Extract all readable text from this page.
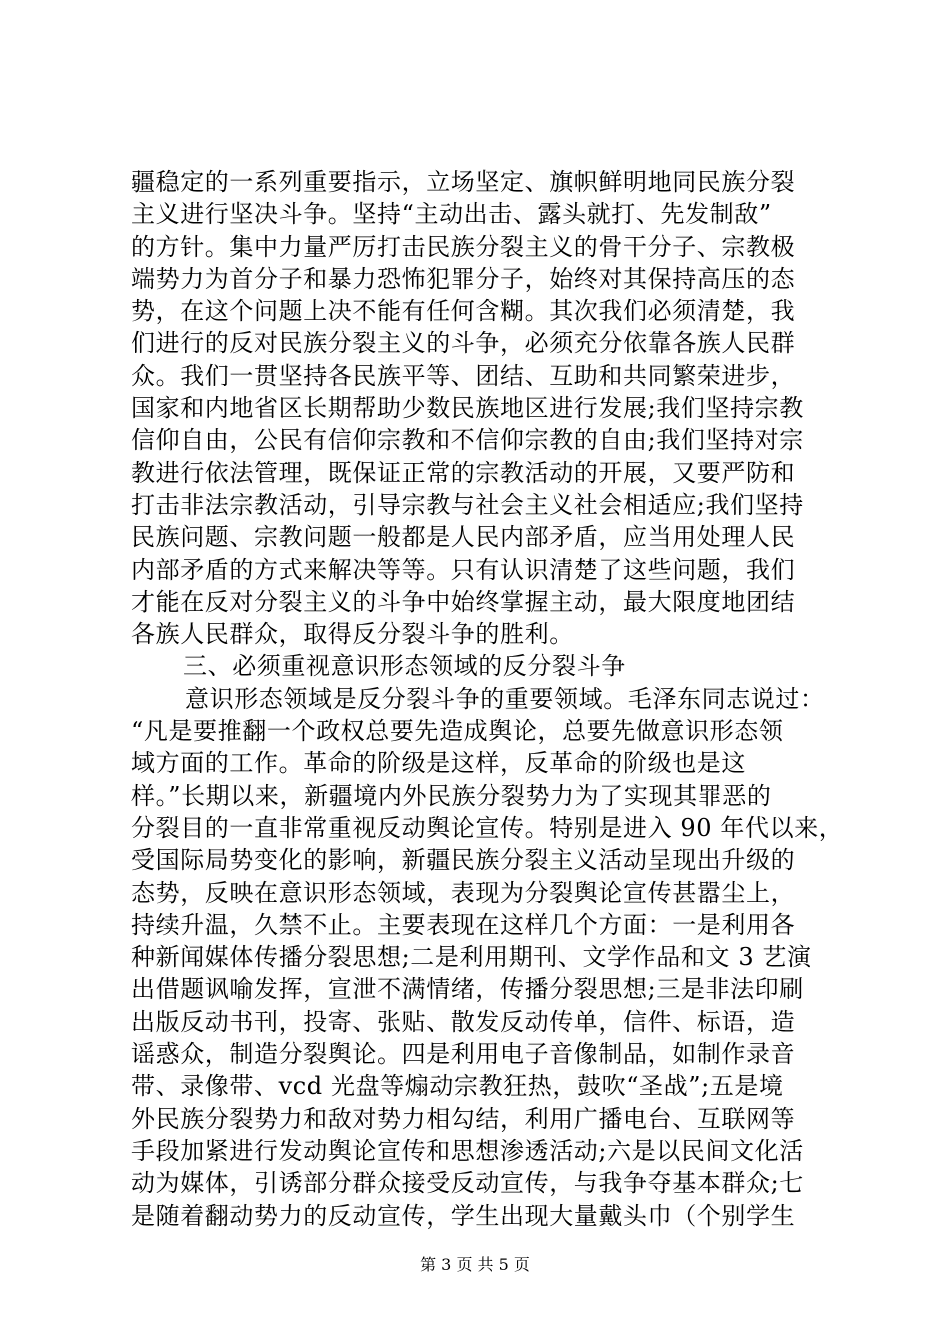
疆稳定的一系列重要指示，立场坚定、旗帜鲜明地同民族分裂
主义进行坚决斗争。坚持“主动出击、露头就打、先发制敌”
的方针。集中力量严厉打击民族分裂主义的骨干分子、宗教极
端势力为首分子和暴力恐怖犯罪分子，始终对其保持高压的态
势，在这个问题上决不能有任何含糊。其次我们必须清楚，我
们进行的反对民族分裂主义的斗争，必须充分依靠各族人民群
众。我们一贯坚持各民族平等、团结、互助和共同繁荣进步，
国家和内地省区长期帮助少数民族地区进行发展;我们坚持宗教
信仰自由，公民有信仰宗教和不信仰宗教的自由;我们坚持对宗
教进行依法管理，既保证正常的宗教活动的开展，又要严防和
打击非法宗教活动，引导宗教与社会主义社会相适应;我们坚持
民族问题、宗教问题一般都是人民内部矛盾，应当用处理人民
内部矛盾的方式来解决等等。只有认识清楚了这些问题，我们
才能在反对分裂主义的斗争中始终掌握主动，最大限度地团结
各族人民群众，取得反分裂斗争的胜利。
三、必须重视意识形态领域的反分裂斗争
意识形态领域是反分裂斗争的重要领域。毛泽东同志说过：
“凡是要推翻一个政权总要先造成舆论，总要先做意识形态领
域方面的工作。革命的阶级是这样，反革命的阶级也是这
样。”长期以来，新疆境内外民族分裂势力为了实现其罪恶的
分裂目的一直非常重视反动舆论宣传。特别是进入 90 年代以来，
受国际局势变化的影响，新疆民族分裂主义活动呈现出升级的
态势，反映在意识形态领域，表现为分裂舆论宣传甚嚣尘上，
持续升温，久禁不止。主要表现在这样几个方面：一是利用各
种新闻媒体传播分裂思想;二是利用期刊、文学作品和文 3 艺演
出借题讽喻发挥，宣泄不满情绪，传播分裂思想;三是非法印刷
出版反动书刊，投寄、张贴、散发反动传单，信件、标语，造
谣惑众，制造分裂舆论。四是利用电子音像制品，如制作录音
带、录像带、vcd 光盘等煽动宗教狂热，鼓吹“圣战”;五是境
外民族分裂势力和敌对势力相勾结，利用广播电台、互联网等
手段加紧进行发动舆论宣传和思想渗透活动;六是以民间文化活
动为媒体，引诱部分群众接受反动宣传，与我争夺基本群众;七
是随着翻动势力的反动宣传，学生出现大量戴头巾（个别学生
第 3 页 共 5 页
